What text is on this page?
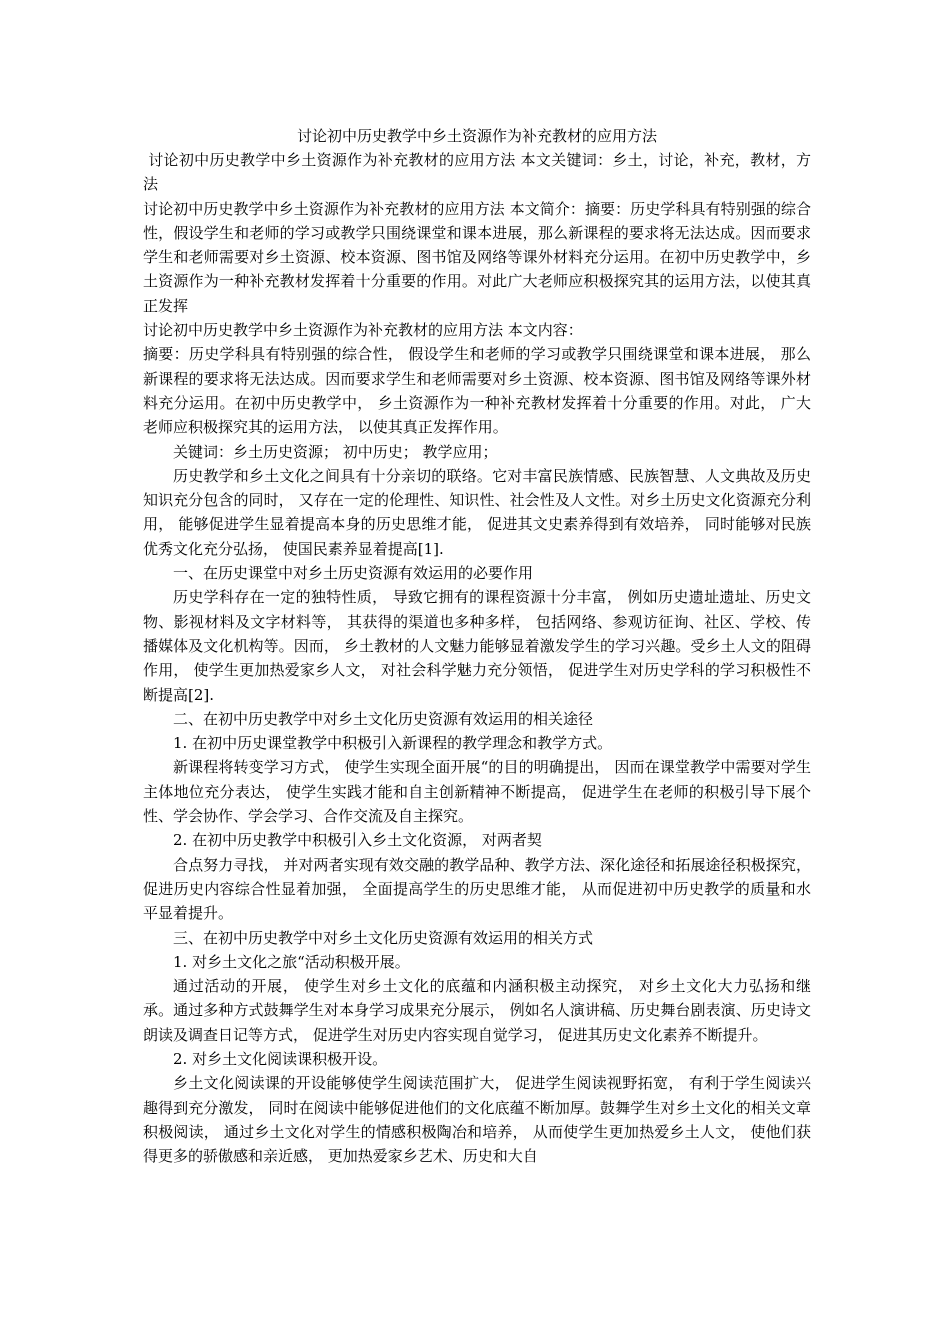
讨论初中历史教学中乡土资源作为补充教材的应用方法

讨论初中历史教学中乡土资源作为补充教材的应用方法 本文关键词：乡土，讨论，补充，教材，方法

讨论初中历史教学中乡土资源作为补充教材的应用方法 本文简介：摘要：历史学科具有特别强的综合性，假设学生和老师的学习或教学只围绕课堂和课本进展，那么新课程的要求将无法达成。因而要求学生和老师需要对乡土资源、校本资源、图书馆及网络等课外材料充分运用。在初中历史教学中，乡土资源作为一种补充教材发挥着十分重要的作用。对此广大老师应积极探究其的运用方法，以使其真正发挥

讨论初中历史教学中乡土资源作为补充教材的应用方法 本文内容：

摘要：历史学科具有特别强的综合性， 假设学生和老师的学习或教学只围绕课堂和课本进展， 那么新课程的要求将无法达成。因而要求学生和老师需要对乡土资源、校本资源、图书馆及网络等课外材料充分运用。在初中历史教学中， 乡土资源作为一种补充教材发挥着十分重要的作用。对此， 广大老师应积极探究其的运用方法， 以使其真正发挥作用。

关键词：乡土历史资源； 初中历史； 教学应用；

历史教学和乡土文化之间具有十分亲切的联络。它对丰富民族情感、民族智慧、人文典故及历史知识充分包含的同时， 又存在一定的伦理性、知识性、社会性及人文性。对乡土历史文化资源充分利用， 能够促进学生显着提高本身的历史思维才能， 促进其文史素养得到有效培养， 同时能够对民族优秀文化充分弘扬， 使国民素养显着提高[1].

一、在历史课堂中对乡土历史资源有效运用的必要作用

历史学科存在一定的独特性质， 导致它拥有的课程资源十分丰富， 例如历史遗址遗址、历史文物、影视材料及文字材料等， 其获得的渠道也多种多样， 包括网络、参观访征询、社区、学校、传播媒体及文化机构等。因而， 乡土教材的人文魅力能够显着激发学生的学习兴趣。受乡土人文的阻碍作用， 使学生更加热爱家乡人文， 对社会科学魅力充分领悟， 促进学生对历史学科的学习积极性不断提高[2].

二、在初中历史教学中对乡土文化历史资源有效运用的相关途径

1. 在初中历史课堂教学中积极引入新课程的教学理念和教学方式。

新课程将转变学习方式， 使学生实现全面开展“的目的明确提出， 因而在课堂教学中需要对学生主体地位充分表达， 使学生实践才能和自主创新精神不断提高， 促进学生在老师的积极引导下展个性、学会协作、学会学习、合作交流及自主探究。

2. 在初中历史教学中积极引入乡土文化资源， 对两者契

合点努力寻找， 并对两者实现有效交融的教学品种、教学方法、深化途径和拓展途径积极探究， 促进历史内容综合性显着加强， 全面提高学生的历史思维才能， 从而促进初中历史教学的质量和水平显着提升。

三、在初中历史教学中对乡土文化历史资源有效运用的相关方式

1. 对乡土文化之旅“活动积极开展。

通过活动的开展， 使学生对乡土文化的底蕴和内涵积极主动探究， 对乡土文化大力弘扬和继承。通过多种方式鼓舞学生对本身学习成果充分展示， 例如名人演讲稿、历史舞台剧表演、历史诗文朗读及调查日记等方式， 促进学生对历史内容实现自觉学习， 促进其历史文化素养不断提升。

2. 对乡土文化阅读课积极开设。

乡土文化阅读课的开设能够使学生阅读范围扩大， 促进学生阅读视野拓宽， 有利于学生阅读兴趣得到充分激发， 同时在阅读中能够促进他们的文化底蕴不断加厚。鼓舞学生对乡土文化的相关文章积极阅读， 通过乡土文化对学生的情感积极陶冶和培养， 从而使学生更加热爱乡土人文， 使他们获得更多的骄傲感和亲近感， 更加热爱家乡艺术、历史和大自
